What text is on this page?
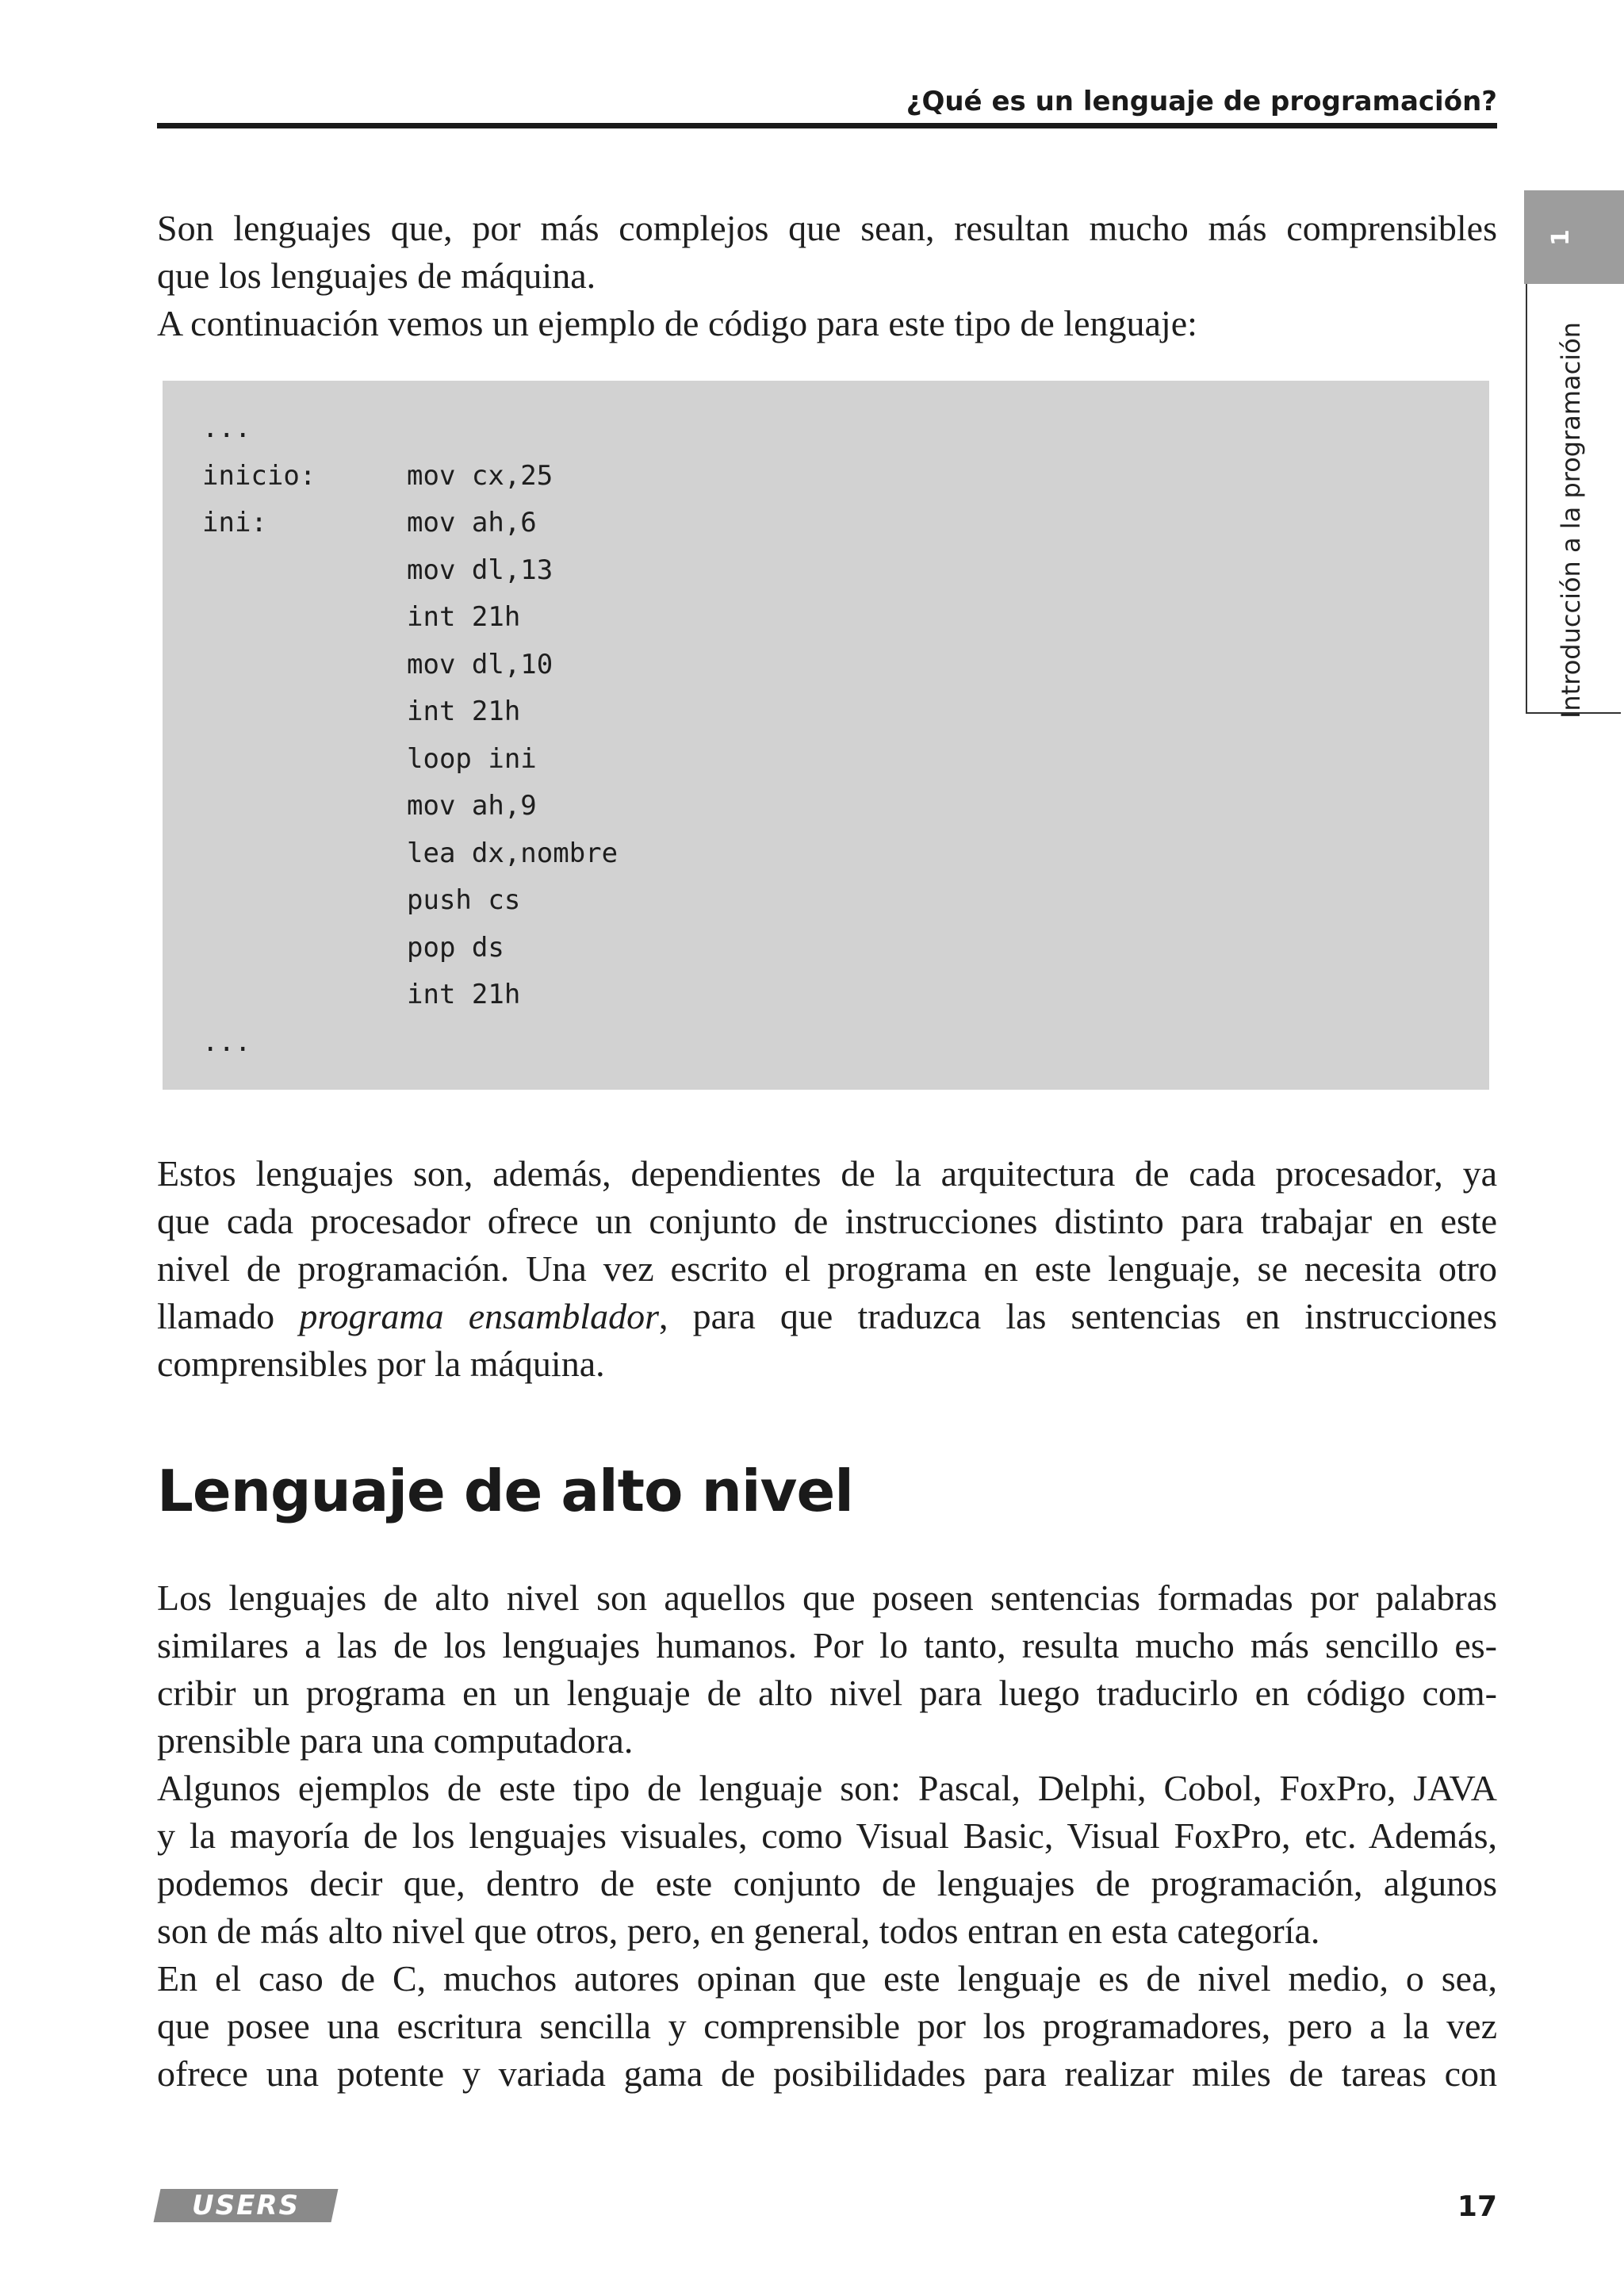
¿Qué es un lenguaje de programación?
1
Introducción a la programación
Son lenguajes que, por más complejos que sean, resultan mucho más comprensibles
que los lenguajes de máquina.
A continuación vemos un ejemplo de código para este tipo de lenguaje:
...
inicio:	mov cx,25
ini:	mov ah,6
mov dl,13
int 21h
mov dl,10
int 21h
loop ini
mov ah,9
lea dx,nombre
push cs
pop ds
int 21h
...
Estos lenguajes son, además, dependientes de la arquitectura de cada procesador, ya
que cada procesador ofrece un conjunto de instrucciones distinto para trabajar en este
nivel de programación. Una vez escrito el programa en este lenguaje, se necesita otro
llamado programa ensamblador, para que traduzca las sentencias en instrucciones
comprensibles por la máquina.
Lenguaje de alto nivel
Los lenguajes de alto nivel son aquellos que poseen sentencias formadas por palabras
similares a las de los lenguajes humanos. Por lo tanto, resulta mucho más sencillo es-
cribir un programa en un lenguaje de alto nivel para luego traducirlo en código com-
prensible para una computadora.
Algunos ejemplos de este tipo de lenguaje son: Pascal, Delphi, Cobol, FoxPro, JAVA
y la mayoría de los lenguajes visuales, como Visual Basic, Visual FoxPro, etc. Además,
podemos decir que, dentro de este conjunto de lenguajes de programación, algunos
son de más alto nivel que otros, pero, en general, todos entran en esta categoría.
En el caso de C, muchos autores opinan que este lenguaje es de nivel medio, o sea,
que posee una escritura sencilla y comprensible por los programadores, pero a la vez
ofrece una potente y variada gama de posibilidades para realizar miles de tareas con
USERS	17
